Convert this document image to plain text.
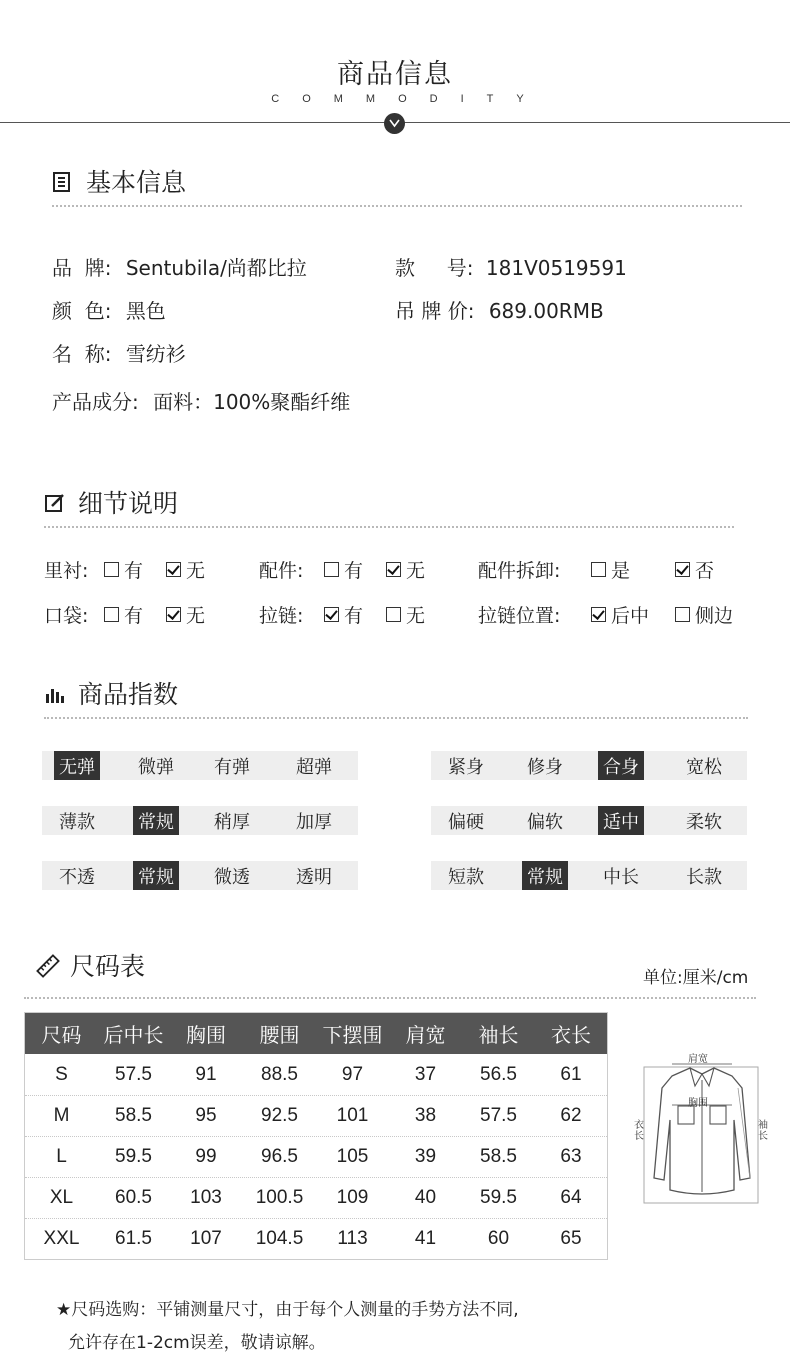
商品信息
COMMODITY
基本信息
品  牌: Sentubila/尚都比拉	款     号: 181V0519591
颜  色: 黑色	吊 牌 价: 689.00RMB
名  称: 雪纺衫
产品成分: 面料：100%聚酯纤维
细节说明
里衬: 有 无	配件: 有 无	配件拆卸:	是	否
口袋: 有 无	拉链: 有 无	拉链位置:	后中 侧边
商品指数
无弹 微弹 有弹	超弹
薄款 常规 稍厚	加厚
不透 常规 微透	透明
紧身 修身 合身	宽松
偏硬 偏软 适中	柔软
短款 常规 中长	长款
尺码表	单位:厘米/cm
尺码	后中长	胸围	腰围	下摆围	肩宽	袖长	衣长
S	57.5	91	88.5	97	37	56.5	61
M	58.5	95	92.5	101	38	57.5	62
L	59.5	99	96.5	105	39	58.5	63
XL	60.5	103	100.5	109	40	59.5	64
XXL	61.5	107	104.5	113	41	60	65
肩宽
胸围
衣长
袖长
★尺码选购：平铺测量尺寸，由于每个人测量的手势方法不同,
允许存在1-2cm误差，敬请谅解。
